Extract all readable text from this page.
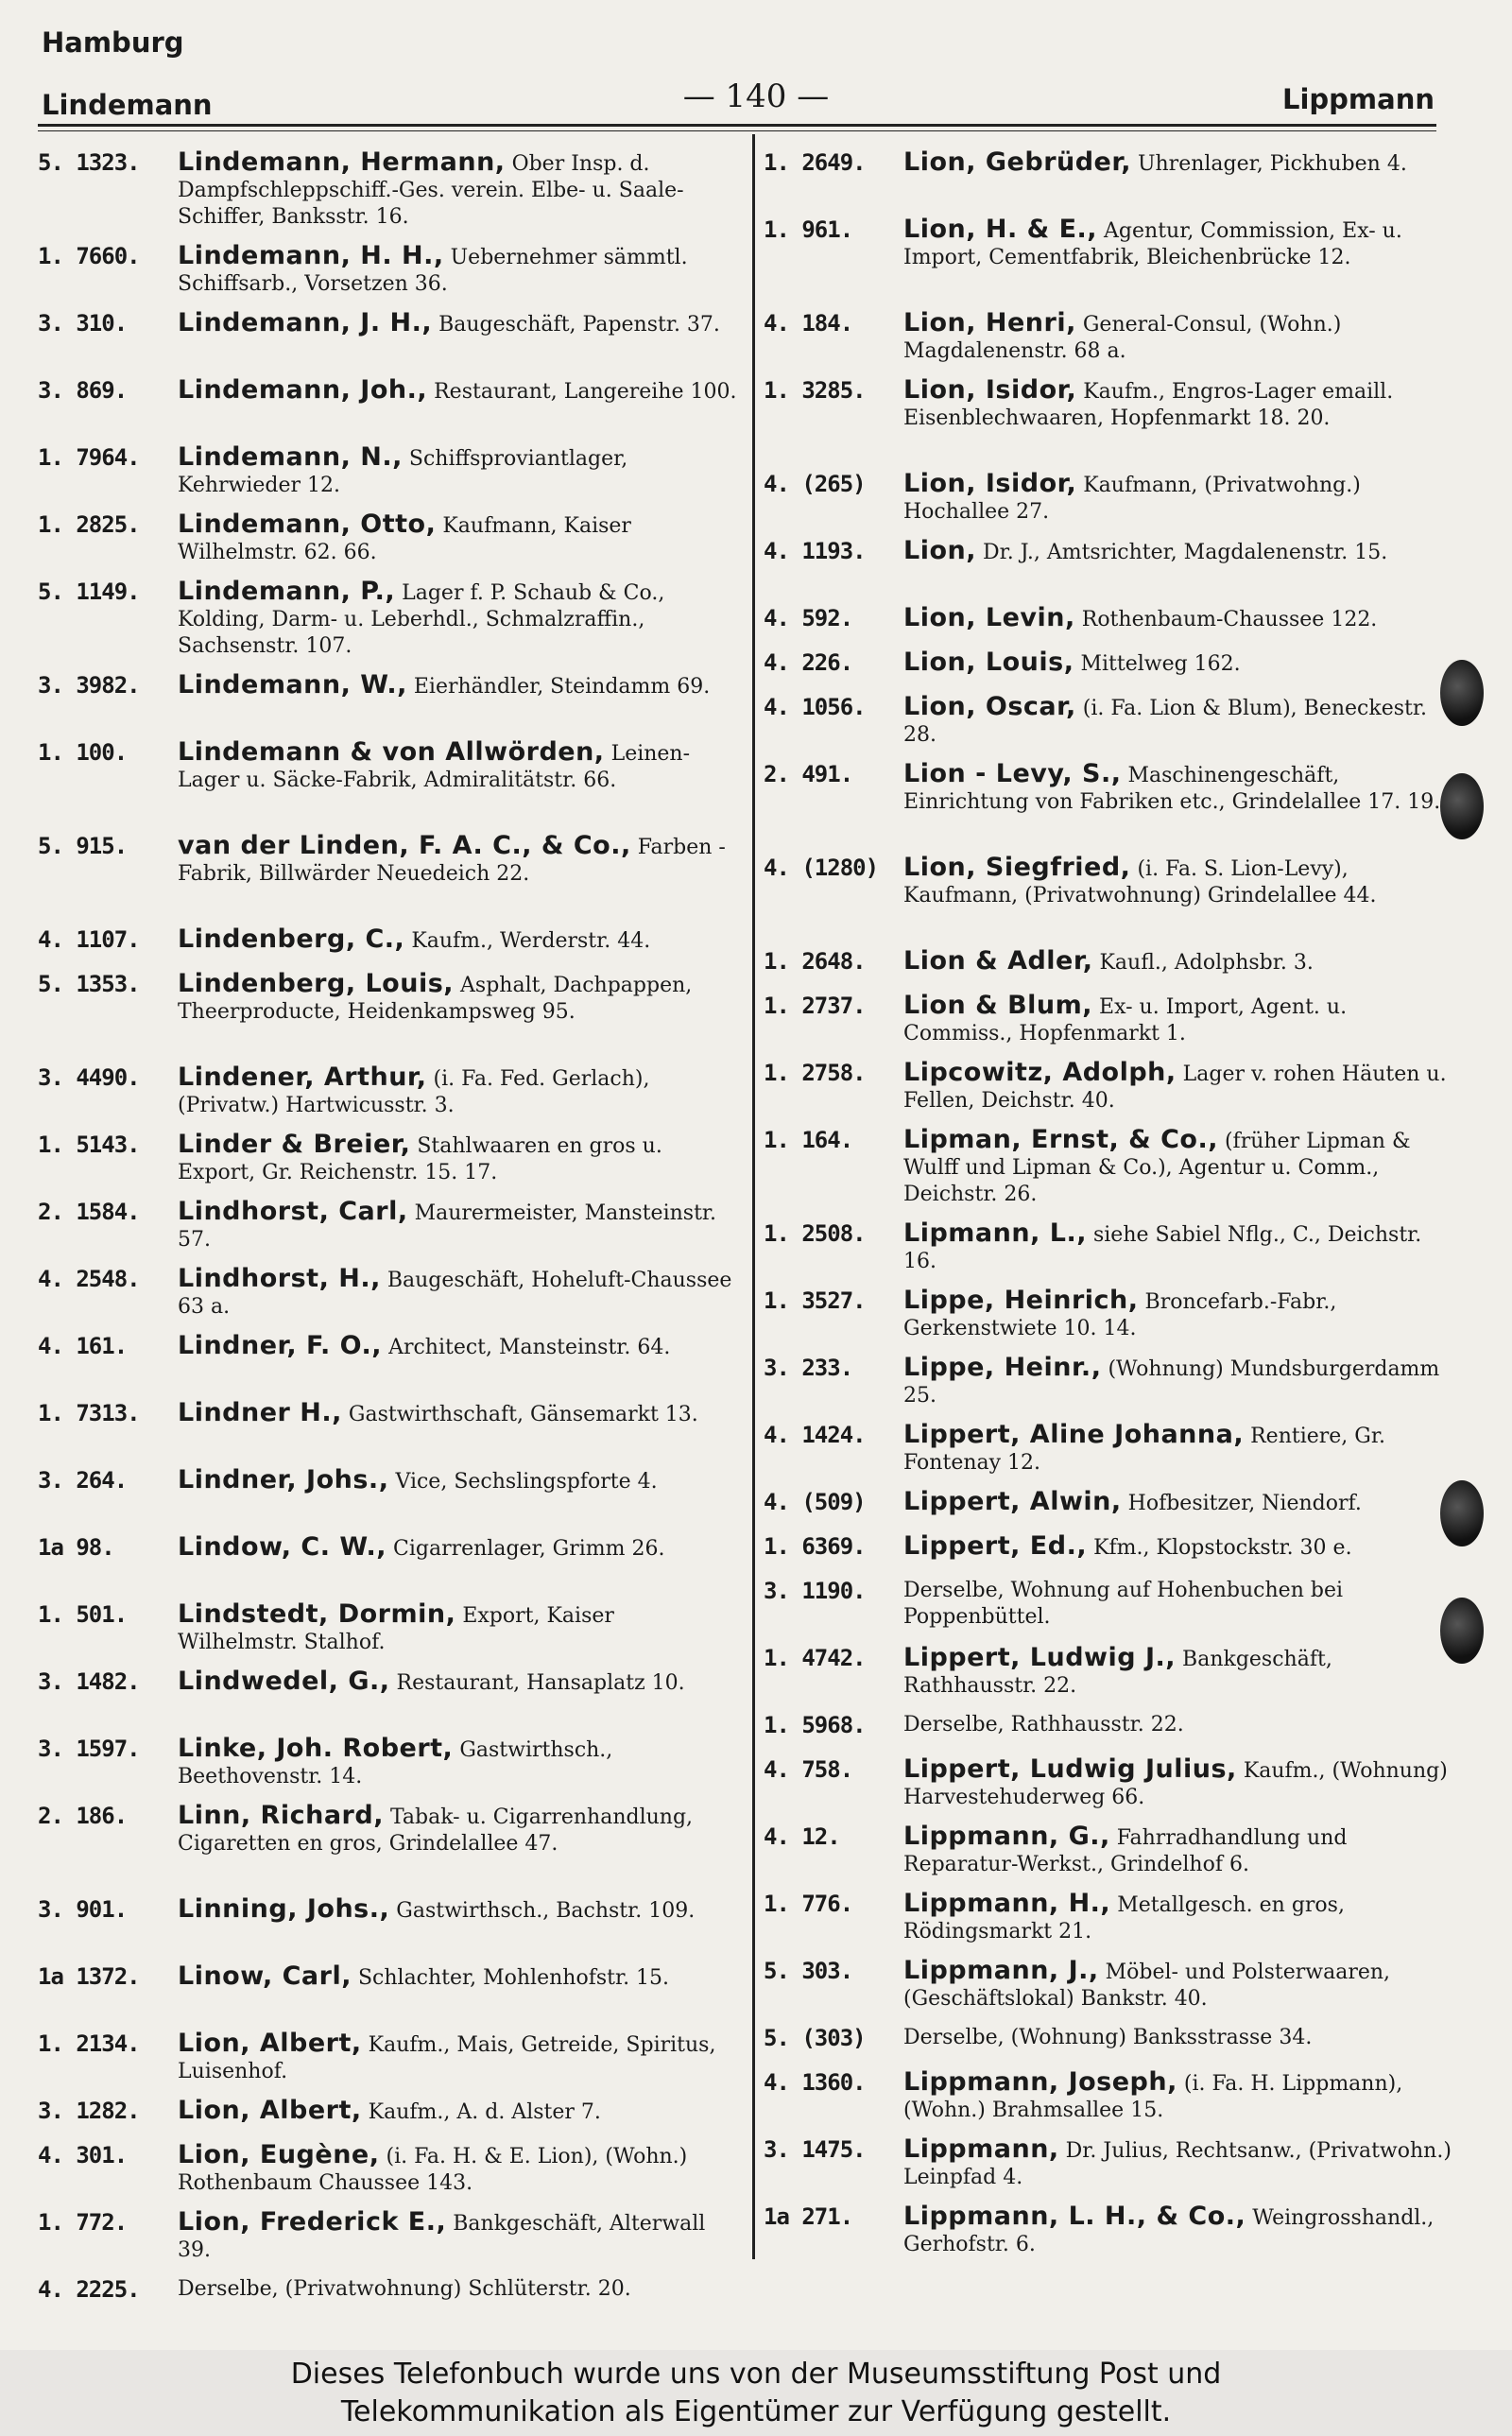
Hamburg
Lindemann	— 140 —	Lippmann
5. 1323.	Lindemann, Hermann, Ober Insp. d. Dampfschleppschiff.-Ges. verein. Elbe- u. Saale-Schiffer, Banksstr. 16.
1. 7660.	Lindemann, H. H., Uebernehmer sämmtl. Schiffsarb., Vorsetzen 36.
3. 310.	Lindemann, J. H., Baugeschäft, Papenstr. 37.
3. 869.	Lindemann, Joh., Restaurant, Langereihe 100.
1. 7964.	Lindemann, N., Schiffsproviantlager, Kehrwieder 12.
1. 2825.	Lindemann, Otto, Kaufmann, Kaiser Wilhelmstr. 62. 66.
5. 1149.	Lindemann, P., Lager f. P. Schaub & Co., Kolding, Darm- u. Leberhdl., Schmalzraffin., Sachsenstr. 107.
3. 3982.	Lindemann, W., Eierhändler, Steindamm 69.
1. 100.	Lindemann & von Allwörden, Leinen-Lager u. Säcke-Fabrik, Admiralitätstr. 66.
5. 915.	van der Linden, F. A. C., & Co., Farben - Fabrik, Billwärder Neuedeich 22.
4. 1107.	Lindenberg, C., Kaufm., Werderstr. 44.
5. 1353.	Lindenberg, Louis, Asphalt, Dachpappen, Theerproducte, Heidenkampsweg 95.
3. 4490.	Lindener, Arthur, (i. Fa. Fed. Gerlach), (Privatw.) Hartwicusstr. 3.
1. 5143.	Linder & Breier, Stahlwaaren en gros u. Export, Gr. Reichenstr. 15. 17.
2. 1584.	Lindhorst, Carl, Maurermeister, Mansteinstr. 57.
4. 2548.	Lindhorst, H., Baugeschäft, Hoheluft-Chaussee 63 a.
4. 161.	Lindner, F. O., Architect, Mansteinstr. 64.
1. 7313.	Lindner H., Gastwirthschaft, Gänsemarkt 13.
3. 264.	Lindner, Johs., Vice, Sechslingspforte 4.
1a 98.	Lindow, C. W., Cigarrenlager, Grimm 26.
1. 501.	Lindstedt, Dormin, Export, Kaiser Wilhelmstr. Stalhof.
3. 1482.	Lindwedel, G., Restaurant, Hansaplatz 10.
3. 1597.	Linke, Joh. Robert, Gastwirthsch., Beethovenstr. 14.
2. 186.	Linn, Richard, Tabak- u. Cigarrenhandlung, Cigaretten en gros, Grindelallee 47.
3. 901.	Linning, Johs., Gastwirthsch., Bachstr. 109.
1a 1372.	Linow, Carl, Schlachter, Mohlenhofstr. 15.
1. 2134.	Lion, Albert, Kaufm., Mais, Getreide, Spiritus, Luisenhof.
3. 1282.	Lion, Albert, Kaufm., A. d. Alster 7.
4. 301.	Lion, Eugène, (i. Fa. H. & E. Lion), (Wohn.) Rothenbaum Chaussee 143.
1. 772.	Lion, Frederick E., Bankgeschäft, Alterwall 39.
4. 2225.	Derselbe, (Privatwohnung) Schlüterstr. 20.
1. 2649.	Lion, Gebrüder, Uhrenlager, Pickhuben 4.
1. 961.	Lion, H. & E., Agentur, Commission, Ex- u. Import, Cementfabrik, Bleichenbrücke 12.
4. 184.	Lion, Henri, General-Consul, (Wohn.) Magdalenenstr. 68 a.
1. 3285.	Lion, Isidor, Kaufm., Engros-Lager emaill. Eisenblechwaaren, Hopfenmarkt 18. 20.
4. (265)	Lion, Isidor, Kaufmann, (Privatwohng.) Hochallee 27.
4. 1193.	Lion, Dr. J., Amtsrichter, Magdalenenstr. 15.
4. 592.	Lion, Levin, Rothenbaum-Chaussee 122.
4. 226.	Lion, Louis, Mittelweg 162.
4. 1056.	Lion, Oscar, (i. Fa. Lion & Blum), Beneckestr. 28.
2. 491.	Lion - Levy, S., Maschinengeschäft, Einrichtung von Fabriken etc., Grindelallee 17. 19.
4. (1280) Lion, Siegfried, (i. Fa. S. Lion-Levy), Kaufmann, (Privatwohnung) Grindelallee 44.
1. 2648.	Lion & Adler, Kaufl., Adolphsbr. 3.
1. 2737.	Lion & Blum, Ex- u. Import, Agent. u. Commiss., Hopfenmarkt 1.
1. 2758.	Lipcowitz, Adolph, Lager v. rohen Häuten u. Fellen, Deichstr. 40.
1. 164.	Lipman, Ernst, & Co., (früher Lipman & Wulff und Lipman & Co.), Agentur u. Comm., Deichstr. 26.
1. 2508.	Lipmann, L., siehe Sabiel Nflg., C., Deichstr. 16.
1. 3527.	Lippe, Heinrich, Broncefarb.-Fabr., Gerkenstwiete 10. 14.
3. 233.	Lippe, Heinr., (Wohnung) Mundsburgerdamm 25.
4. 1424.	Lippert, Aline Johanna, Rentiere, Gr. Fontenay 12.
4. (509)	Lippert, Alwin, Hofbesitzer, Niendorf.
1. 6369.	Lippert, Ed., Kfm., Klopstockstr. 30 e.
3. 1190.	Derselbe, Wohnung auf Hohenbuchen bei Poppenbüttel.
1. 4742.	Lippert, Ludwig J., Bankgeschäft, Rathhausstr. 22.
1. 5968.	Derselbe, Rathhausstr. 22.
4. 758.	Lippert, Ludwig Julius, Kaufm., (Wohnung) Harvestehuderweg 66.
4. 12.	Lippmann, G., Fahrradhandlung und Reparatur-Werkst., Grindelhof 6.
1. 776.	Lippmann, H., Metallgesch. en gros, Rödingsmarkt 21.
5. 303.	Lippmann, J., Möbel- und Polsterwaaren, (Geschäftslokal) Bankstr. 40.
5. (303)	Derselbe, (Wohnung) Banksstrasse 34.
4. 1360.	Lippmann, Joseph, (i. Fa. H. Lippmann), (Wohn.) Brahmsallee 15.
3. 1475.	Lippmann, Dr. Julius, Rechtsanw., (Privatwohn.) Leinpfad 4.
1a 271.	Lippmann, L. H., & Co., Weingrosshandl., Gerhofstr. 6.
Dieses Telefonbuch wurde uns von der Museumsstiftung Post und
Telekommunikation als Eigentümer zur Verfügung gestellt.
